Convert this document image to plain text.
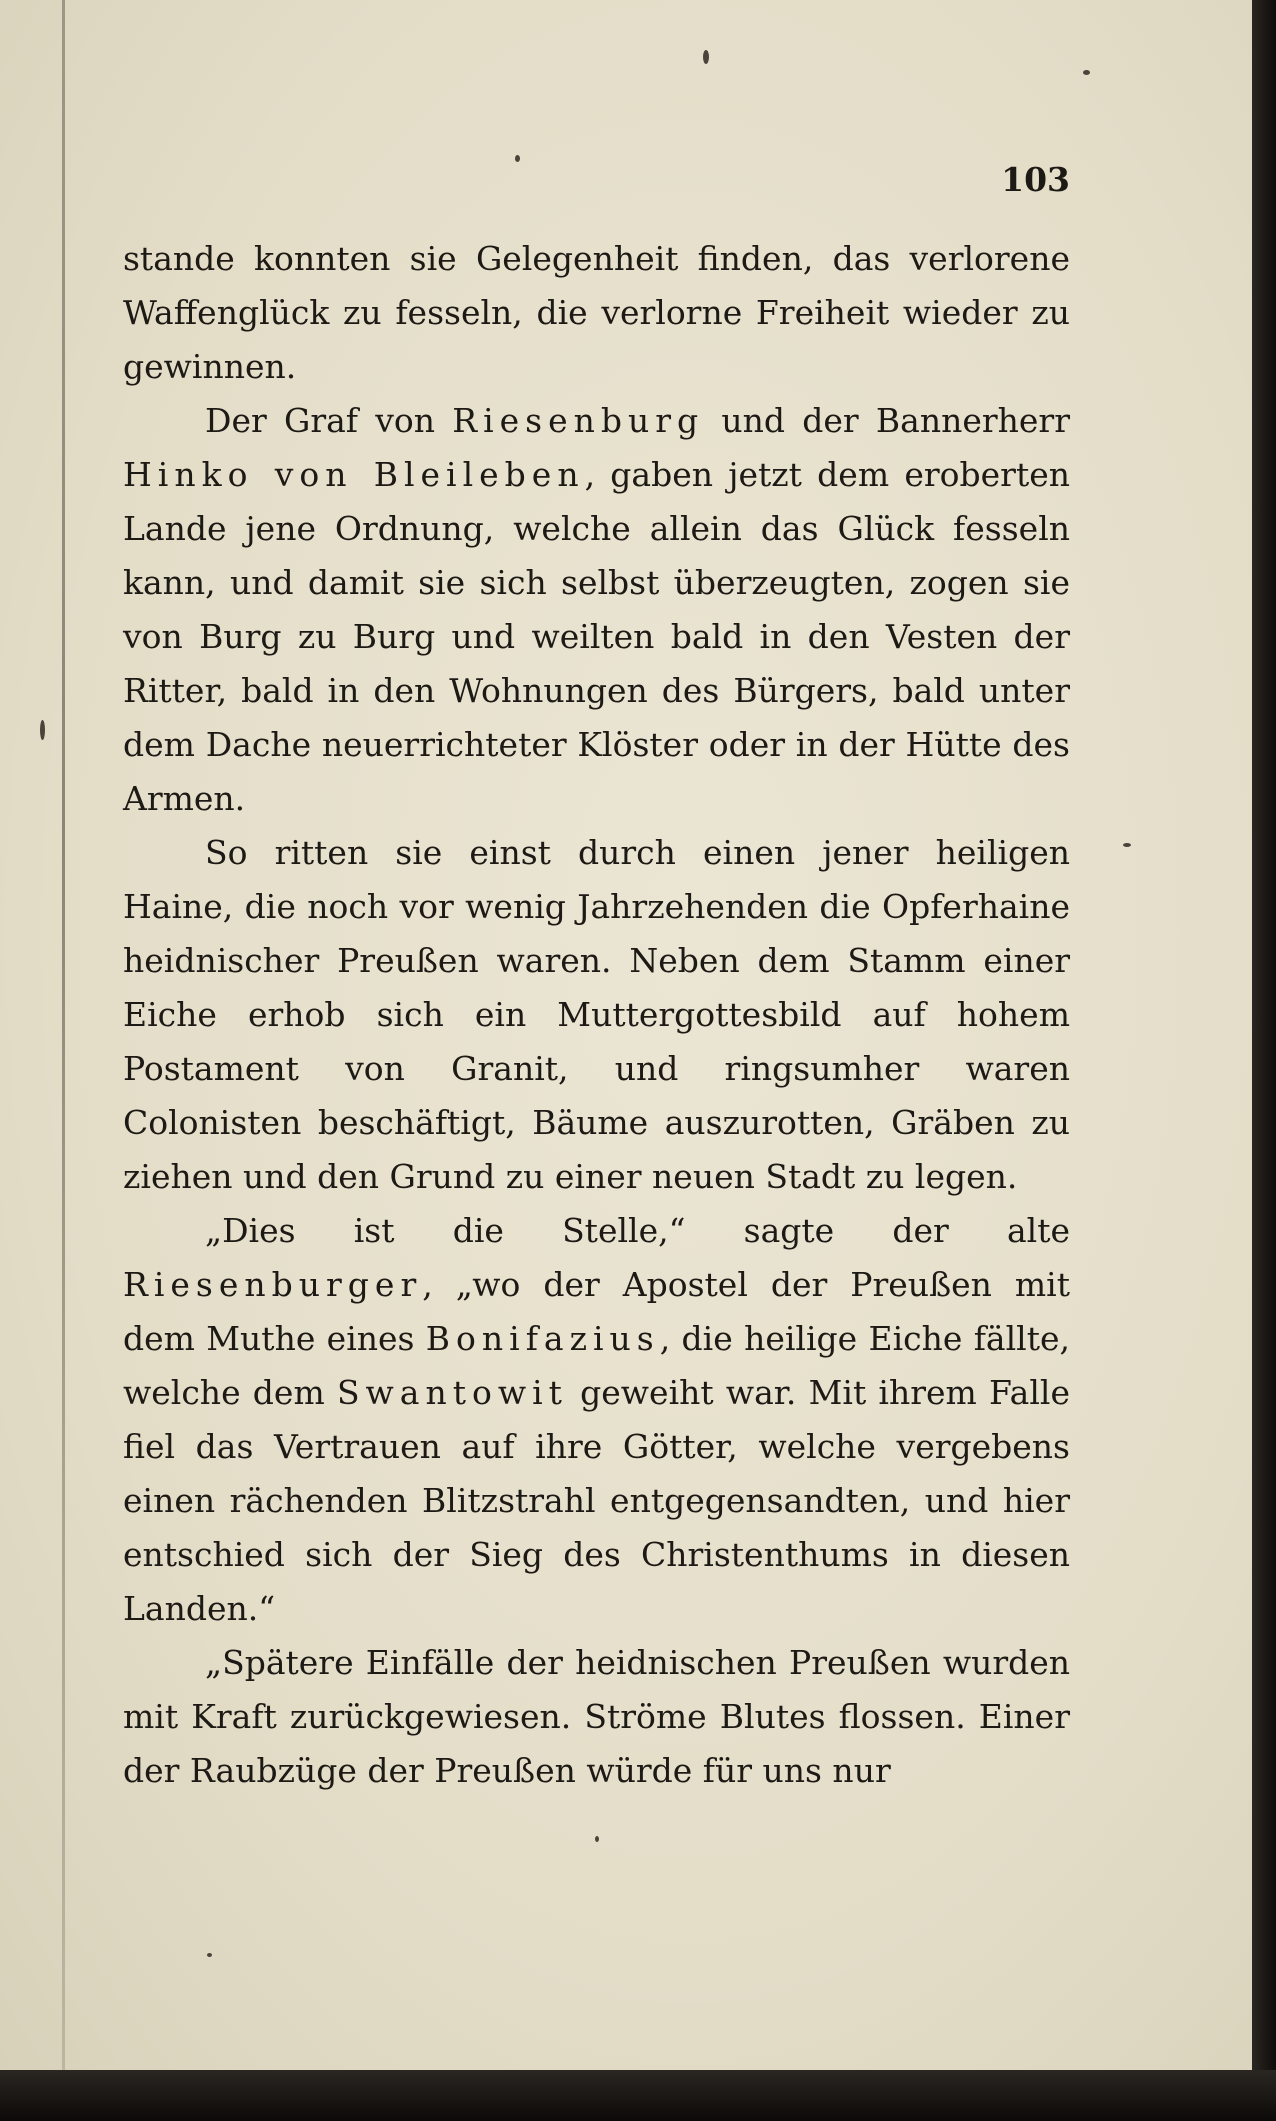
103

stande konnten sie Gelegenheit finden, das verlorene Waffenglück zu fesseln, die verlorne Freiheit wieder zu gewinnen.

Der Graf von Riesenburg und der Bannerherr Hinko von Bleileben, gaben jetzt dem eroberten Lande jene Ordnung, welche allein das Glück fesseln kann, und damit sie sich selbst überzeugten, zogen sie von Burg zu Burg und weilten bald in den Vesten der Ritter, bald in den Wohnungen des Bürgers, bald unter dem Dache neuerrichteter Klöster oder in der Hütte des Armen.

So ritten sie einst durch einen jener heiligen Haine, die noch vor wenig Jahrzehenden die Opferhaine heidnischer Preußen waren. Neben dem Stamm einer Eiche erhob sich ein Muttergottesbild auf hohem Postament von Granit, und ringsumher waren Colonisten beschäftigt, Bäume auszurotten, Gräben zu ziehen und den Grund zu einer neuen Stadt zu legen.

„Dies ist die Stelle,“ sagte der alte Riesenburger, „wo der Apostel der Preußen mit dem Muthe eines Bonifazius, die heilige Eiche fällte, welche dem Swantowit geweiht war. Mit ihrem Falle fiel das Vertrauen auf ihre Götter, welche vergebens einen rächenden Blitzstrahl entgegensandten, und hier entschied sich der Sieg des Christenthums in diesen Landen.“

„Spätere Einfälle der heidnischen Preußen wurden mit Kraft zurückgewiesen. Ströme Blutes flossen. Einer der Raubzüge der Preußen würde für uns nur
